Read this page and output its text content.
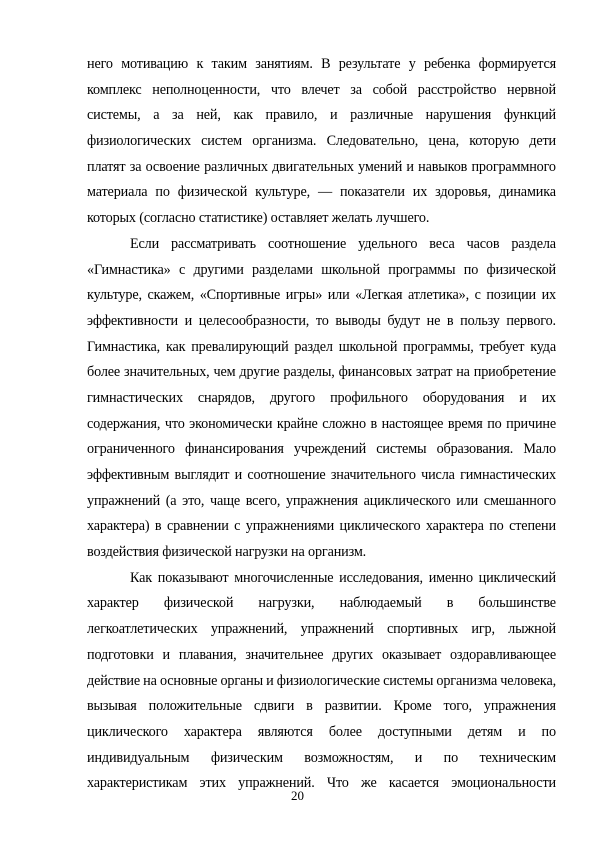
него мотивацию к таким занятиям. В результате у ребенка формируется
комплекс неполноценности, что влечет за собой расстройство нервной
системы, а за ней, как правило, и различные нарушения функций
физиологических систем организма. Следовательно, цена, которую дети
платят за освоение различных двигательных умений и навыков программного
материала по физической культуре, — показатели их здоровья, динамика
которых (согласно статистике) оставляет желать лучшего.
Если рассматривать соотношение удельного веса часов раздела
«Гимнастика» с другими разделами школьной программы по физической
культуре, скажем, «Спортивные игры» или «Легкая атлетика», с позиции их
эффективности и целесообразности, то выводы будут не в пользу первого.
Гимнастика, как превалирующий раздел школьной программы, требует куда
более значительных, чем другие разделы, финансовых затрат на приобретение
гимнастических снарядов, другого профильного оборудования и их
содержания, что экономически крайне сложно в настоящее время по причине
ограниченного финансирования учреждений системы образования. Мало
эффективным выглядит и соотношение значительного числа гимнастических
упражнений (а это, чаще всего, упражнения ациклического или смешанного
характера) в сравнении с упражнениями циклического характера по степени
воздействия физической нагрузки на организм.
Как показывают многочисленные исследования, именно циклический
характер физической нагрузки, наблюдаемый в большинстве
легкоатлетических упражнений, упражнений спортивных игр, лыжной
подготовки и плавания, значительнее других оказывает оздоравливающее
действие на основные органы и физиологические системы организма человека,
вызывая положительные сдвиги в развитии. Кроме того, упражнения
циклического характера являются более доступными детям и по
индивидуальным физическим возможностям, и по техническим
характеристикам этих упражнений. Что же касается эмоциональности
20
